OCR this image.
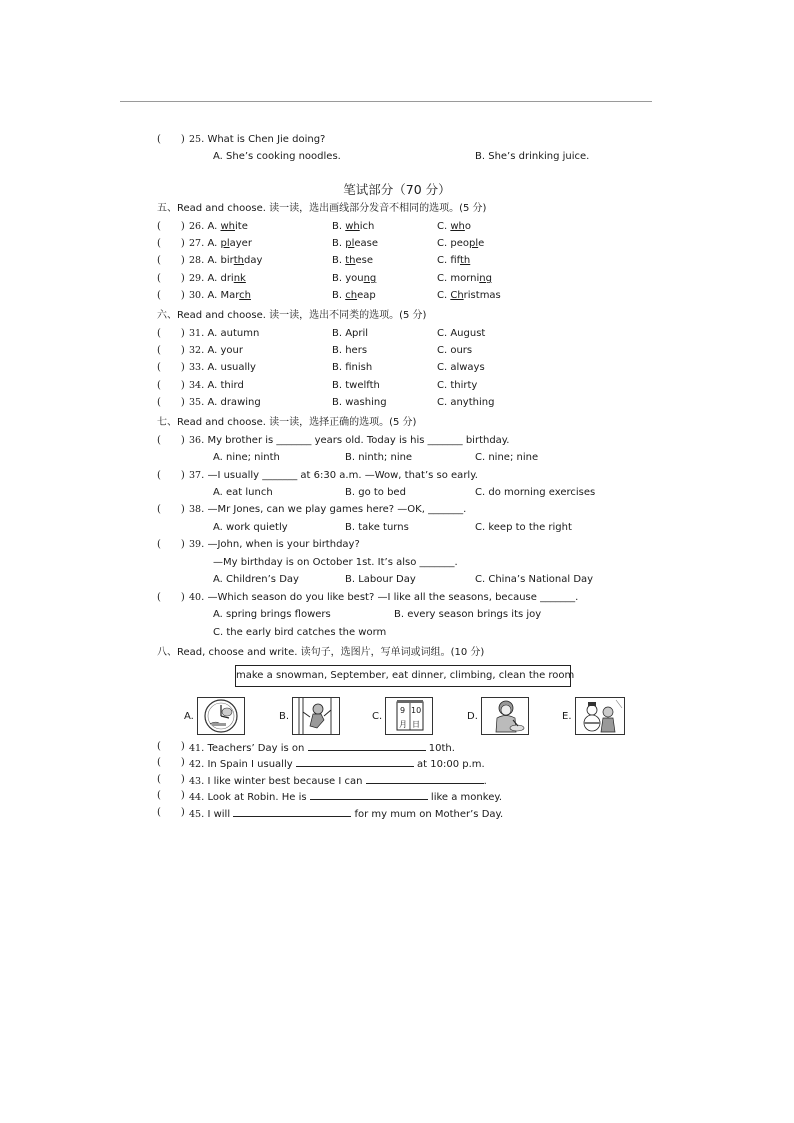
(　　) 25. What is Chen Jie doing?
A. She’s cooking noodles.	B. She’s drinking juice.
笔试部分（70 分）
五、Read and choose. 读一读，选出画线部分发音不相同的选项。(5 分)
(　　) 26. A. white	B. which	C. who
(　　) 27. A. player	B. please	C. people
(　　) 28. A. birthday	B. these	C. fifth
(　　) 29. A. drink	B. young	C. morning
(　　) 30. A. March	B. cheap	C. Christmas
六、Read and choose. 读一读，选出不同类的选项。(5 分)
(　　) 31. A. autumn	B. April	C. August
(　　) 32. A. your	B. hers	C. ours
(　　) 33. A. usually	B. finish	C. always
(　　) 34. A. third	B. twelfth	C. thirty
(　　) 35. A. drawing	B. washing	C. anything
七、Read and choose. 读一读，选择正确的选项。(5 分)
(　　) 36. My brother is _______ years old. Today is his _______ birthday.
A. nine; ninth	B. ninth; nine	C. nine; nine
(　　) 37. —I usually _______ at 6:30 a.m. —Wow, that’s so early.
A. eat lunch	B. go to bed	C. do morning exercises
(　　) 38. —Mr Jones, can we play games here? —OK, _______.
A. work quietly	B. take turns	C. keep to the right
(　　) 39. —John, when is your birthday?
—My birthday is on October 1st. It’s also _______.
A. Children’s Day	B. Labour Day	C. China’s National Day
(　　) 40. —Which season do you like best? —I like all the seasons, because _______.
A. spring brings flowers	B. every season brings its joy
C. the early bird catches the worm
八、Read, choose and write. 读句子，选图片，写单词或词组。(10 分)
make a snowman, September, eat dinner, climbing, clean the room
A.	B.	C.
9 10
月 日
D.	E.
(　　) 41. Teachers’ Day is on	10th.
(　　) 42. In Spain I usually	at 10:00 p.m.
(　　) 43. I like winter best because I can	.
(　　) 44. Look at Robin. He is	like a monkey.
(　　) 45. I will	for my mum on Mother’s Day.
